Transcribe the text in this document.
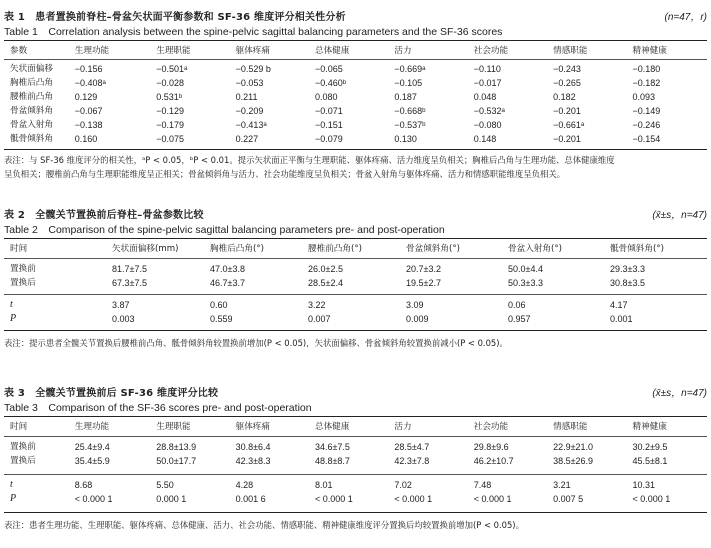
表 1　患者置换前脊柱–骨盆矢状面平衡参数和 SF-36 维度评分相关性分析	(n=47，r)
Table 1　Correlation analysis between the spine-pelvic sagittal balancing parameters and the SF-36 scores
参数	生理功能	生理职能	躯体疼痛	总体健康	活力	社会功能	情感职能	精神健康
矢状面偏移	−0.156	−0.501ᵃ	−0.529 b	−0.065	−0.669ᵃ	−0.110	−0.243	−0.180
胸椎后凸角	−0.408ᵃ	−0.028	−0.053	−0.460ᵇ	−0.105	−0.017	−0.265	−0.182
腰椎前凸角	0.129	0.531ᵇ	0.211	0.080	0.187	0.048	0.182	0.093
骨盆倾斜角	−0.067	−0.129	−0.209	−0.071	−0.668ᵇ	−0.532ᵃ	−0.201	−0.149
骨盆入射角	−0.138	−0.179	−0.413ᵃ	−0.151	−0.537ᵇ	−0.080	−0.661ᵃ	−0.246
骶骨倾斜角	0.160	−0.075	0.227	−0.079	0.130	0.148	−0.201	−0.154
表注：与 SF-36 维度评分的相关性，ᵃP < 0.05，ᵇP < 0.01。提示矢状面正平衡与生理职能、躯体疼痛、活力维度呈负相关；胸椎后凸角与生理功能、总体健康维度
呈负相关；腰椎前凸角与生理职能维度呈正相关；骨盆倾斜角与活力、社会功能维度呈负相关；骨盆入射角与躯体疼痛、活力和情感职能维度呈负相关。
表 2　全髋关节置换前后脊柱–骨盆参数比较	(x̄±s，n=47)
Table 2　Comparison of the spine-pelvic sagittal balancing parameters pre- and post-operation
时间	矢状面偏移(mm)	胸椎后凸角(°)	腰椎前凸角(°)	骨盆倾斜角(°)	骨盆入射角(°)	骶骨倾斜角(°)
置换前	81.7±7.5	47.0±3.8	26.0±2.5	20.7±3.2	50.0±4.4	29.3±3.3
置换后	67.3±7.5	46.7±3.7	28.5±2.4	19.5±2.7	50.3±3.3	30.8±3.5
t	3.87	0.60	3.22	3.09	0.06	4.17
P	0.003	0.559	0.007	0.009	0.957	0.001
表注：提示患者全髋关节置换后腰椎前凸角、骶骨倾斜角较置换前增加(P < 0.05)，矢状面偏移、骨盆倾斜角较置换前减小(P < 0.05)。
表 3　全髋关节置换前后 SF-36 维度评分比较	(x̄±s，n=47)
Table 3　Comparison of the SF-36 scores pre- and post-operation
时间	生理功能	生理职能	躯体疼痛	总体健康	活力	社会功能	情感职能	精神健康
置换前	25.4±9.4	28.8±13.9	30.8±6.4	34.6±7.5	28.5±4.7	29.8±9.6	22.9±21.0	30.2±9.5
置换后	35.4±5.9	50.0±17.7	42.3±8.3	48.8±8.7	42.3±7.8	46.2±10.7	38.5±26.9	45.5±8.1
t	8.68	5.50	4.28	8.01	7.02	7.48	3.21	10.31
P	< 0.000 1	0.000 1	0.001 6	< 0.000 1	< 0.000 1	< 0.000 1	0.007 5	< 0.000 1
表注：患者生理功能、生理职能、躯体疼痛、总体健康、活力、社会功能、情感职能、精神健康维度评分置换后均较置换前增加(P < 0.05)。
